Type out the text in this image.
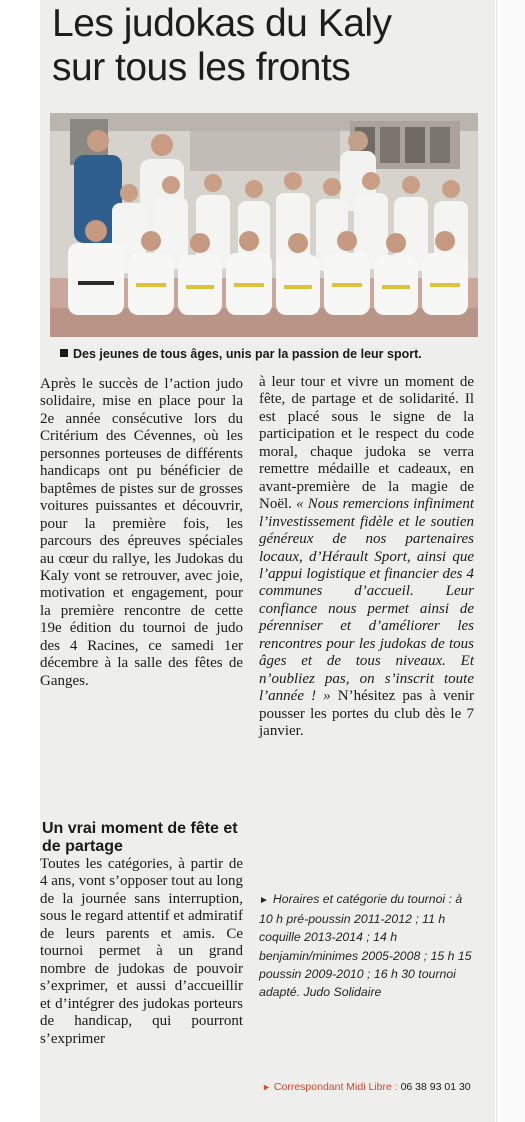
Les judokas du Kaly
sur tous les fronts

Des jeunes de tous âges, unis par la passion de leur sport.

Après le succès de l’action judo solidaire, mise en place pour la 2e année consécutive lors du Critérium des Cévennes, où les personnes porteuses de différents handicaps ont pu bénéficier de baptêmes de pistes sur de grosses voitures puissantes et découvrir, pour la première fois, les parcours des épreuves spéciales au cœur du rallye, les Judokas du Kaly vont se retrouver, avec joie, motivation et engagement, pour la première rencontre de cette 19e édition du tournoi de judo des 4 Racines, ce samedi 1er décembre à la salle des fêtes de Ganges.

Un vrai moment de fête et de partage

Toutes les catégories, à partir de 4 ans, vont s’opposer tout au long de la journée sans interruption, sous le regard attentif et admiratif de leurs parents et amis. Ce tournoi permet à un grand nombre de judokas de pouvoir s’exprimer, et aussi d’accueillir et d’intégrer des judokas porteurs de handicap, qui pourront s’exprimer

à leur tour et vivre un moment de fête, de partage et de solidarité. Il est placé sous le signe de la participation et le respect du code moral, chaque judoka se verra remettre médaille et cadeaux, en avant-première de la magie de Noël. « Nous remercions infiniment l’investissement fidèle et le soutien généreux de nos partenaires locaux, d’Hérault Sport, ainsi que l’appui logistique et financier des 4 communes d’accueil. Leur confiance nous permet ainsi de pérenniser et d’améliorer les rencontres pour les judokas de tous âges et de tous niveaux. Et n’oubliez pas, on s’inscrit toute l’année ! » N’hésitez pas à venir pousser les portes du club dès le 7 janvier.

► Horaires et catégorie du tournoi : à 10 h pré-poussin 2011-2012 ; 11 h coquille 2013-2014 ; 14 h benjamin/minimes 2005-2008 ; 15 h 15 poussin 2009-2010 ; 16 h 30 tournoi adapté. Judo Solidaire

► Correspondant Midi Libre : 06 38 93 01 30
